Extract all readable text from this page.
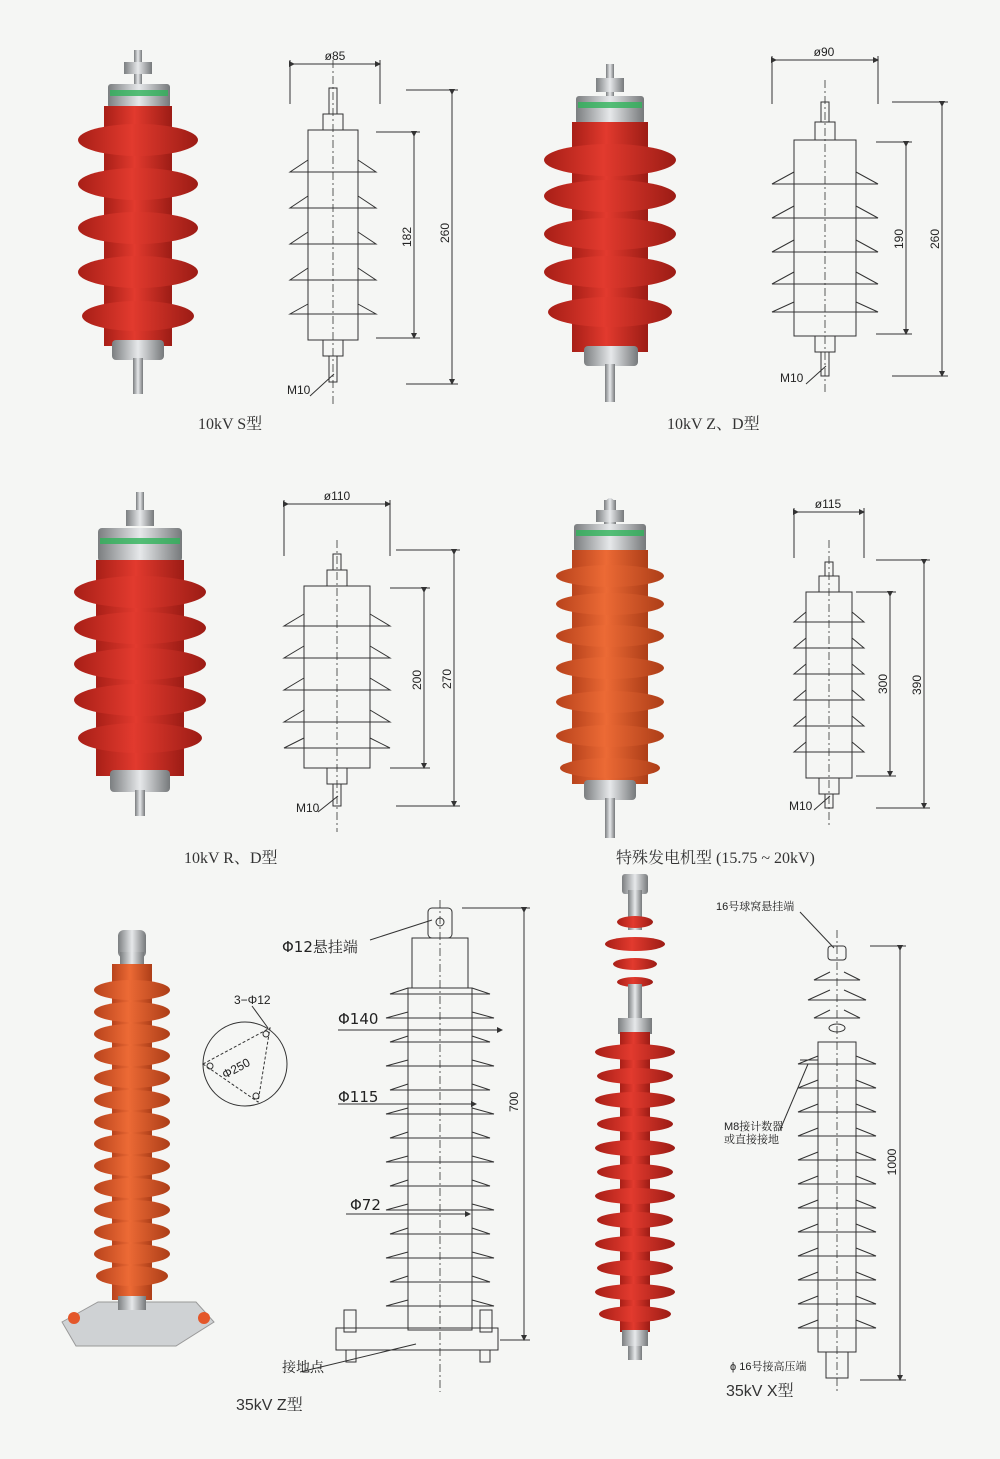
ø85
182 260
M10
ø90
190 260
M10
ø110
200 270
M10
ø115
300 390
M10
3−Φ12
Φ250
Φ12悬挂端
Φ140
Φ115
Φ72
700
接地点
16号球窝悬挂端
M8接计数器
或直接接地
1000
ϕ 16号接高压端
10kV S型	10kV Z、D型
10kV R、D型	特殊发电机型 (15.75 ~ 20kV)
35kV Z型
35kV X型
